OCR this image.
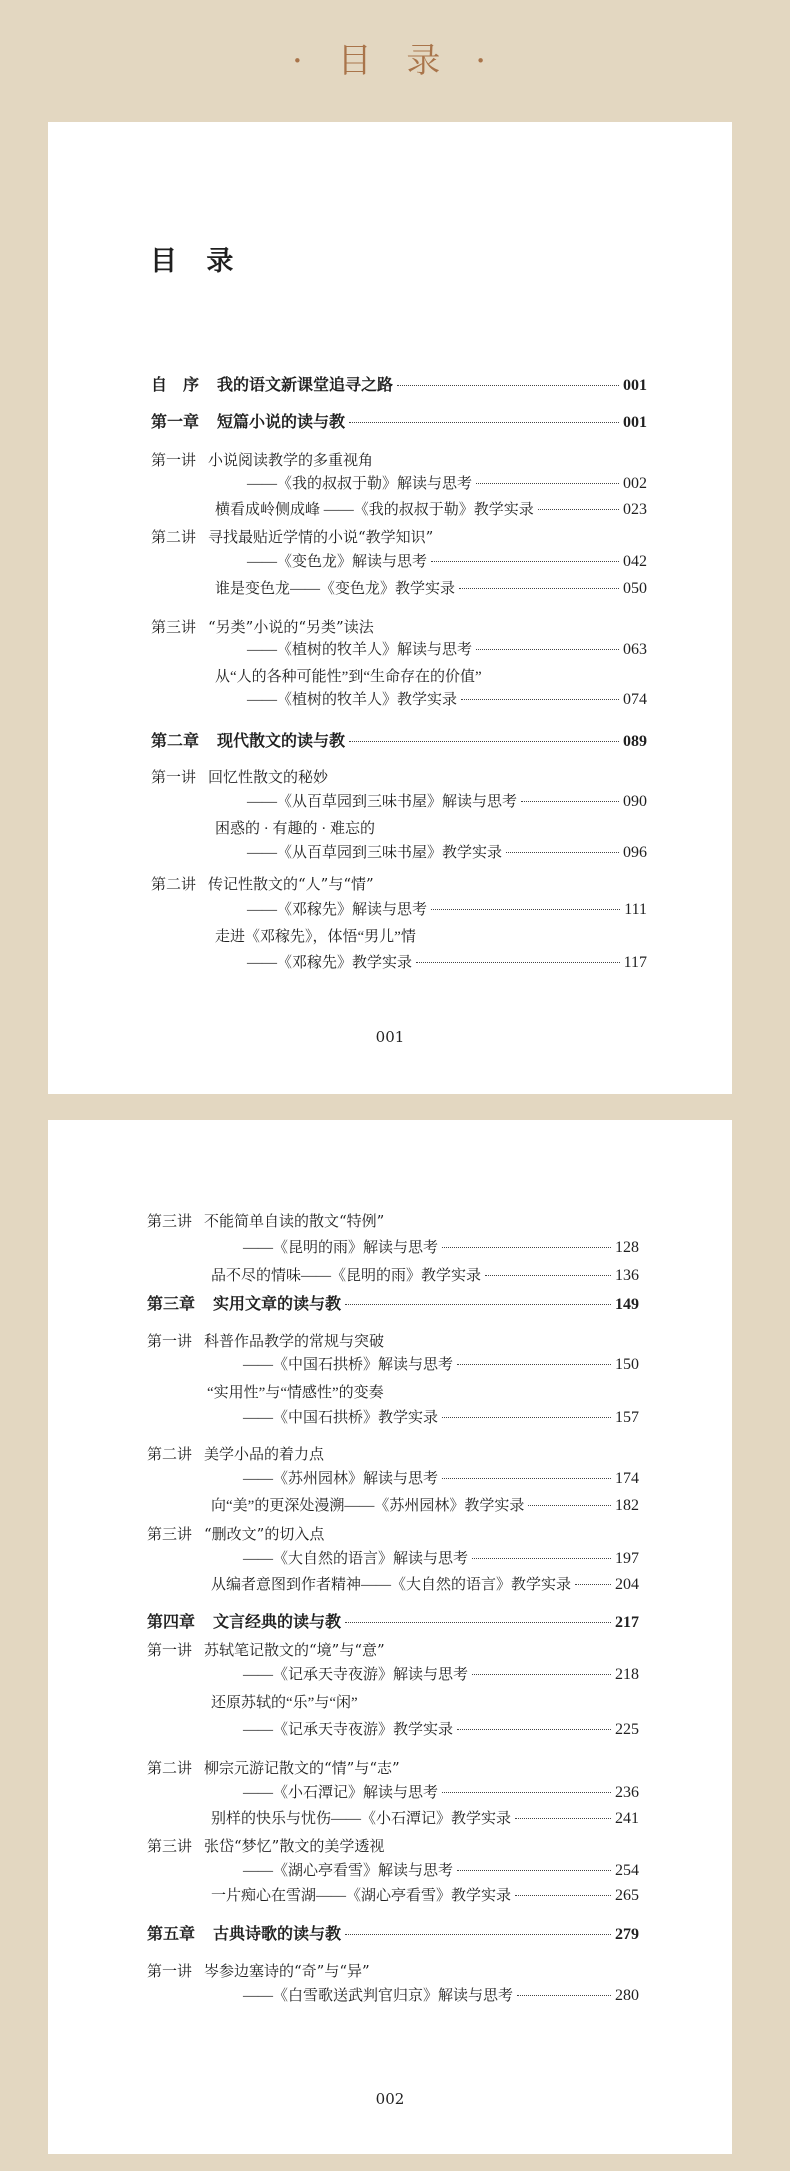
· 目 录 ·
目 录
自　序 我的语文新课堂追寻之路	001
第一章 短篇小说的读与教	001
第一讲 小说阅读教学的多重视角
——《我的叔叔于勒》解读与思考	002
横看成岭侧成峰 ——《我的叔叔于勒》教学实录	023
第二讲 寻找最贴近学情的小说“教学知识”
——《变色龙》解读与思考	042
谁是变色龙——《变色龙》教学实录	050
第三讲 “另类”小说的“另类”读法
——《植树的牧羊人》解读与思考	063
从“人的各种可能性”到“生命存在的价值”
——《植树的牧羊人》教学实录	074
第二章 现代散文的读与教	089
第一讲 回忆性散文的秘妙
——《从百草园到三味书屋》解读与思考	090
困惑的 · 有趣的 · 难忘的
——《从百草园到三味书屋》教学实录	096
第二讲 传记性散文的“人”与“情”
——《邓稼先》解读与思考	111
走进《邓稼先》，体悟“男儿”情
——《邓稼先》教学实录	117
001
第三讲 不能简单自读的散文“特例”
——《昆明的雨》解读与思考	128
品不尽的情味——《昆明的雨》教学实录	136
第三章 实用文章的读与教	149
第一讲 科普作品教学的常规与突破
——《中国石拱桥》解读与思考	150
“实用性”与“情感性”的变奏
——《中国石拱桥》教学实录	157
第二讲 美学小品的着力点
——《苏州园林》解读与思考	174
向“美”的更深处漫溯——《苏州园林》教学实录	182
第三讲 “删改文”的切入点
——《大自然的语言》解读与思考	197
从编者意图到作者精神——《大自然的语言》教学实录	204
第四章 文言经典的读与教	217
第一讲 苏轼笔记散文的“境”与“意”
——《记承天寺夜游》解读与思考	218
还原苏轼的“乐”与“闲”
——《记承天寺夜游》教学实录	225
第二讲 柳宗元游记散文的“情”与“志”
——《小石潭记》解读与思考	236
别样的快乐与忧伤——《小石潭记》教学实录	241
第三讲 张岱“梦忆”散文的美学透视
——《湖心亭看雪》解读与思考	254
一片痴心在雪湖——《湖心亭看雪》教学实录	265
第五章 古典诗歌的读与教	279
第一讲 岑参边塞诗的“奇”与“异”
——《白雪歌送武判官归京》解读与思考	280
002
